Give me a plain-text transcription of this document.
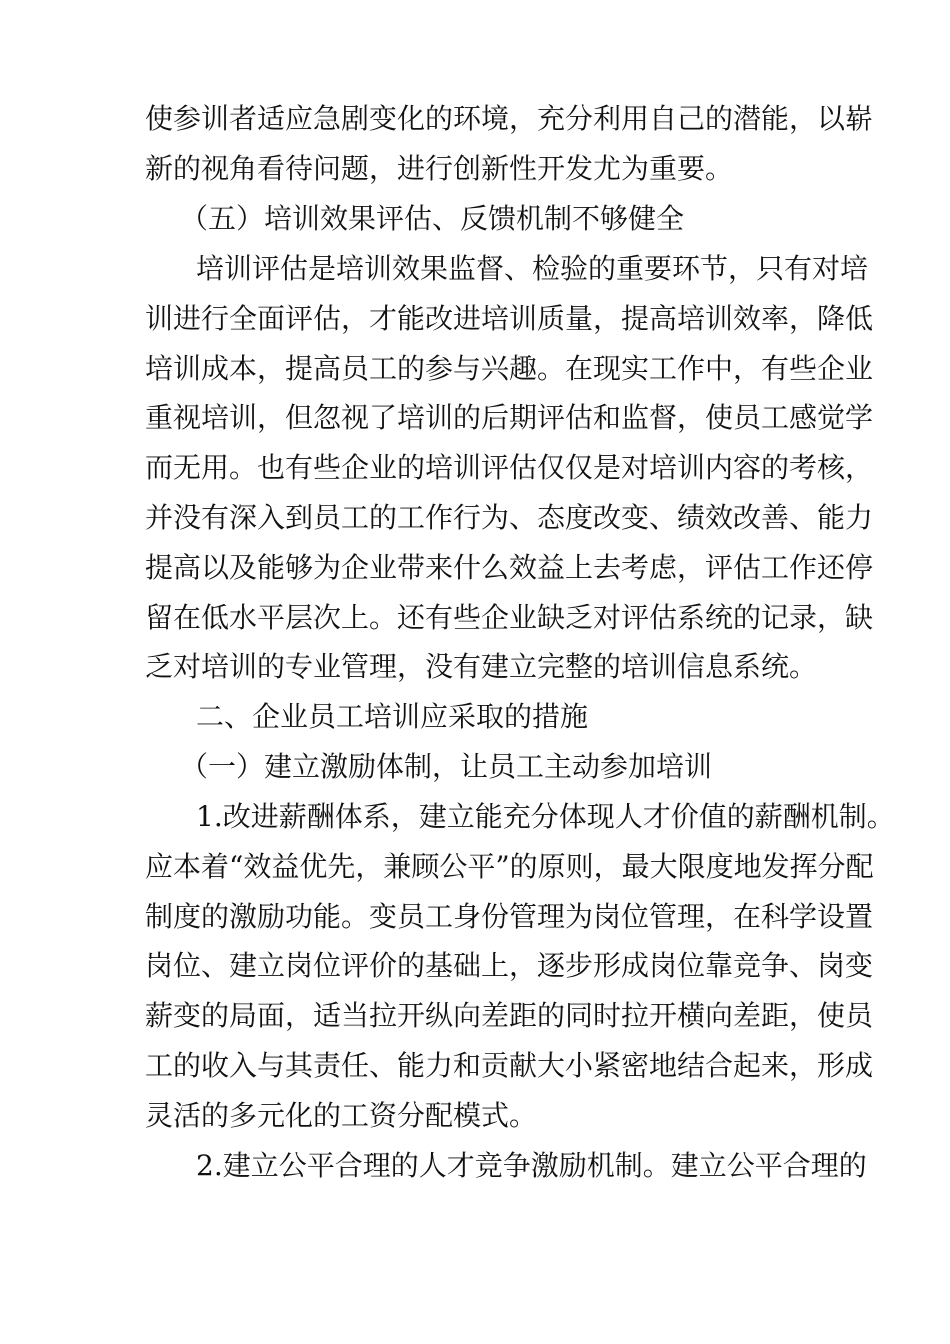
使参训者适应急剧变化的环境，充分利用自己的潜能，以崭
新的视角看待问题，进行创新性开发尤为重要。
（五）培训效果评估、反馈机制不够健全
培训评估是培训效果监督、检验的重要环节，只有对培
训进行全面评估，才能改进培训质量，提高培训效率，降低
培训成本，提高员工的参与兴趣。在现实工作中，有些企业
重视培训，但忽视了培训的后期评估和监督，使员工感觉学
而无用。也有些企业的培训评估仅仅是对培训内容的考核，
并没有深入到员工的工作行为、态度改变、绩效改善、能力
提高以及能够为企业带来什么效益上去考虑，评估工作还停
留在低水平层次上。还有些企业缺乏对评估系统的记录，缺
乏对培训的专业管理，没有建立完整的培训信息系统。
二、企业员工培训应采取的措施
（一）建立激励体制，让员工主动参加培训
1.改进薪酬体系，建立能充分体现人才价值的薪酬机制。
应本着“效益优先，兼顾公平”的原则，最大限度地发挥分配
制度的激励功能。变员工身份管理为岗位管理，在科学设置
岗位、建立岗位评价的基础上，逐步形成岗位靠竞争、岗变
薪变的局面，适当拉开纵向差距的同时拉开横向差距，使员
工的收入与其责任、能力和贡献大小紧密地结合起来，形成
灵活的多元化的工资分配模式。
2.建立公平合理的人才竞争激励机制。建立公平合理的
